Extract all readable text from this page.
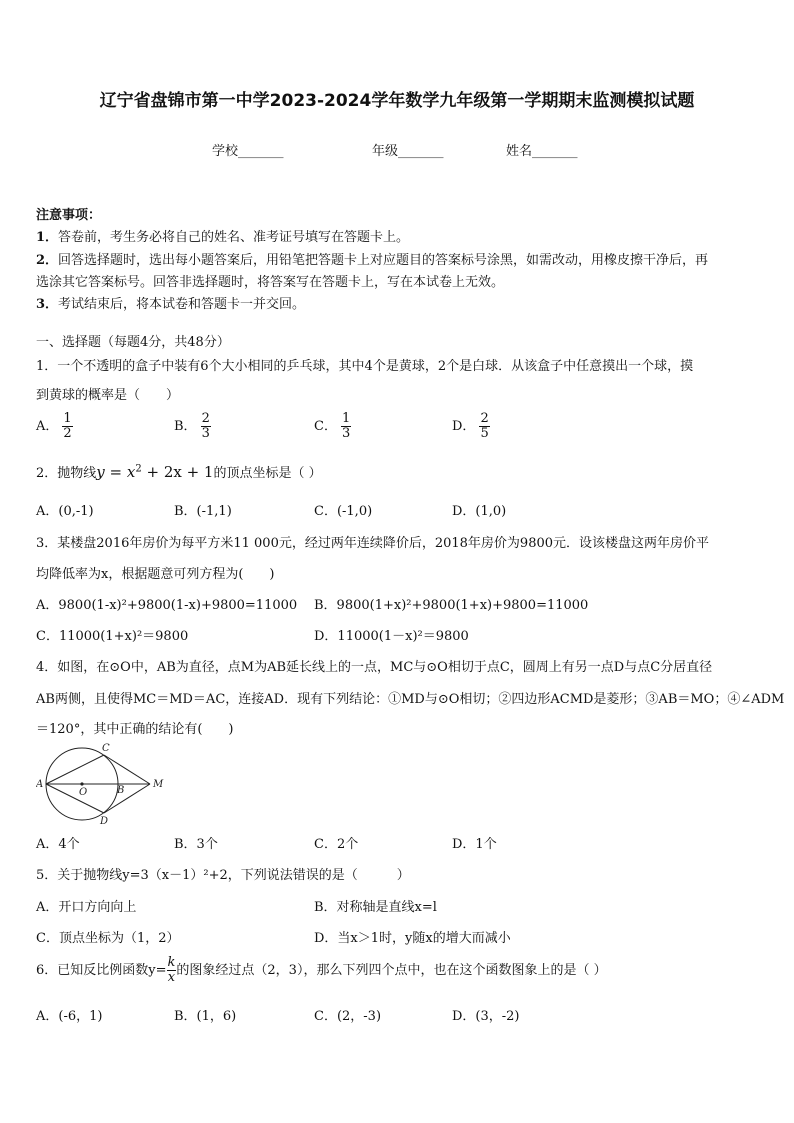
辽宁省盘锦市第一中学2023-2024学年数学九年级第一学期期末监测模拟试题
学校_______	年级_______	姓名_______
注意事项：
1．答卷前，考生务必将自己的姓名、准考证号填写在答题卡上。
2．回答选择题时，选出每小题答案后，用铅笔把答题卡上对应题目的答案标号涂黑，如需改动，用橡皮擦干净后，再
选涂其它答案标号。回答非选择题时，将答案写在答题卡上，写在本试卷上无效。
3．考试结束后，将本试卷和答题卡一并交回。
一、选择题（每题4分，共48分）
1．一个不透明的盒子中装有6个大小相同的乒乓球，其中4个是黄球，2个是白球．从该盒子中任意摸出一个球，摸
到黄球的概率是（　　）
A． $\frac{1}{2}$	B． $\frac{2}{3}$	C． $\frac{1}{3}$	D． $\frac{2}{5}$
2．抛物线$y = x^2 + 2x + 1$的顶点坐标是（ ）
A．(0,-1)	B．(-1,1)	C．(-1,0)	D．(1,0)
3．某楼盘2016年房价为每平方米11 000元，经过两年连续降价后，2018年房价为9800元．设该楼盘这两年房价平
均降低率为x，根据题意可列方程为(　　)
A．9800(1-x)²+9800(1-x)+9800=11000 B．9800(1+x)²+9800(1+x)+9800=11000
C．11000(1+x)²＝9800	D．11000(1－x)²＝9800
4．如图，在⊙O中，AB为直径，点M为AB延长线上的一点，MC与⊙O相切于点C，圆周上有另一点D与点C分居直径
AB两侧，且使得MC＝MD＝AC，连接AD．现有下列结论：①MD与⊙O相切；②四边形ACMD是菱形；③AB＝MO；④∠ADM
＝120°，其中正确的结论有(　　)
A
C
D
O	B
M
A．4个	B．3个	C．2个	D．1个
5．关于抛物线y=3（x－1）²+2，下列说法错误的是（　　　）
A．开口方向向上	B．对称轴是直线x=l
C．顶点坐标为（1，2）	D．当x＞1时，y随x的增大而减小
6．已知反比例函数$y= \frac{k}{x}$ 的图象经过点（2，3），那么下列四个点中，也在这个函数图象上的是（ ）
A．(-6，1)	B．(1，6)	C．(2，-3)	D．(3，-2)
